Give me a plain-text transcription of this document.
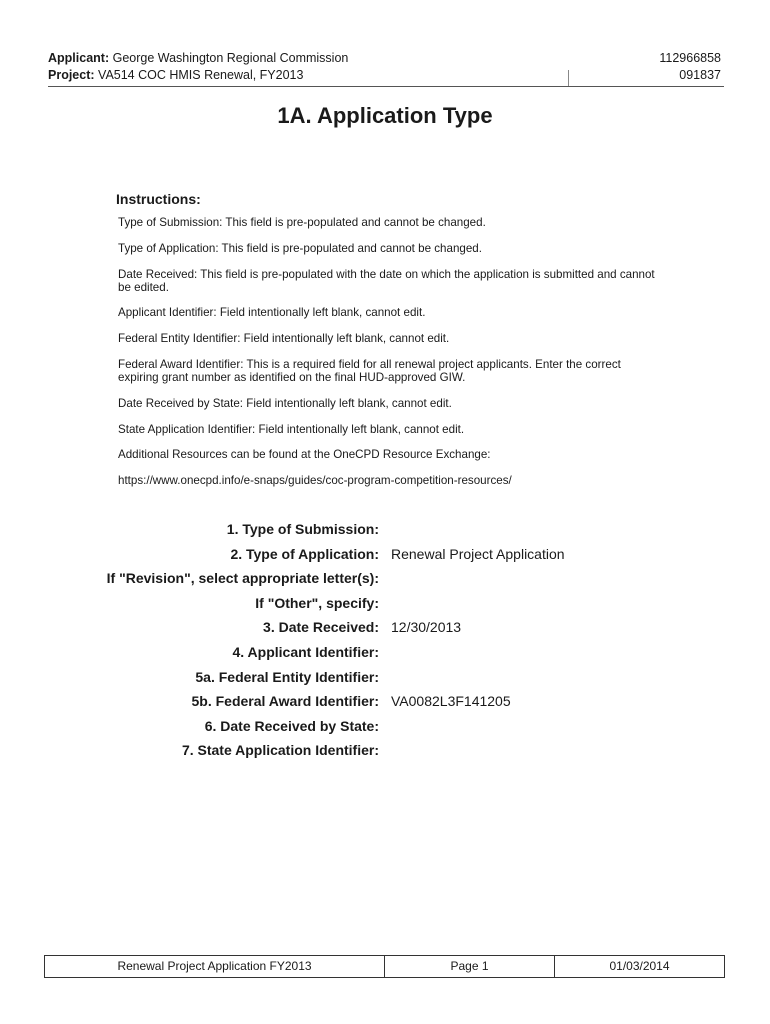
Applicant: George Washington Regional Commission	112966858
Project: VA514 COC HMIS Renewal, FY2013	091837
1A. Application Type
Instructions:

Type of Submission: This field is pre-populated and cannot be changed.

Type of Application: This field is pre-populated and cannot be changed.

Date Received: This field is pre-populated with the date on which the application is submitted and cannot be edited.

Applicant Identifier: Field intentionally left blank, cannot edit.

Federal Entity Identifier: Field intentionally left blank, cannot edit.

Federal Award Identifier: This is a required field for all renewal project applicants. Enter the correct expiring grant number as identified on the final HUD-approved GIW.

Date Received by State: Field intentionally left blank, cannot edit.

State Application Identifier: Field intentionally left blank, cannot edit.

Additional Resources can be found at the OneCPD Resource Exchange:

https://www.onecpd.info/e-snaps/guides/coc-program-competition-resources/

1. Type of Submission:
2. Type of Application: Renewal Project Application
If "Revision", select appropriate letter(s):
If "Other", specify:
3. Date Received: 12/30/2013
4. Applicant Identifier:
5a. Federal Entity Identifier:
5b. Federal Award Identifier: VA0082L3F141205
6. Date Received by State:
7. State Application Identifier:
Renewal Project Application FY2013	Page 1	01/03/2014
